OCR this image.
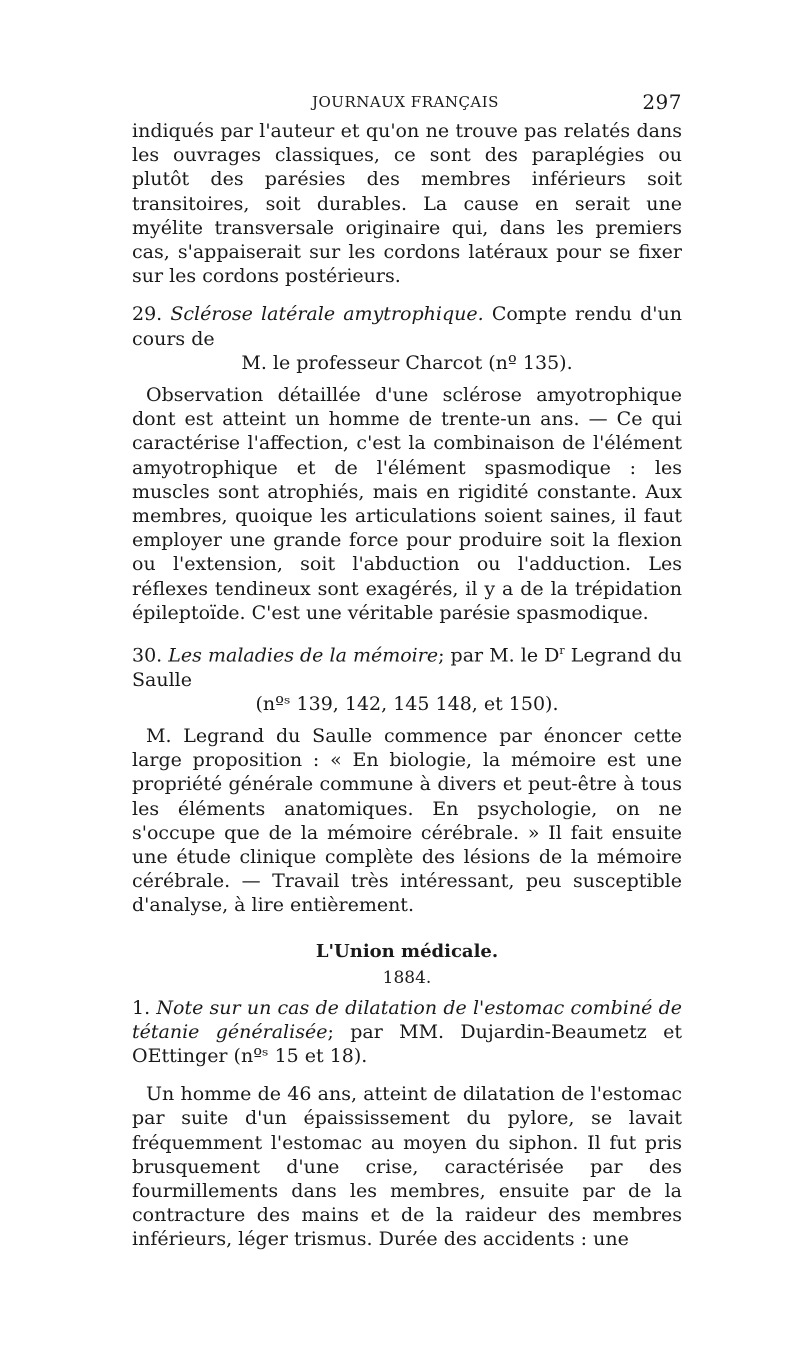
JOURNAUX FRANÇAIS	297

indiqués par l'auteur et qu'on ne trouve pas relatés dans les ouvrages classiques, ce sont des paraplégies ou plutôt des parésies des membres inférieurs soit transitoires, soit durables. La cause en serait une myélite transversale originaire qui, dans les premiers cas, s'appaiserait sur les cordons latéraux pour se fixer sur les cordons postérieurs.

29. Sclérose latérale amytrophique. Compte rendu d'un cours de

M. le professeur Charcot (nº 135).

Observation détaillée d'une sclérose amyotrophique dont est atteint un homme de trente-un ans. — Ce qui caractérise l'affection, c'est la combinaison de l'élément amyotrophique et de l'élément spasmodique : les muscles sont atrophiés, mais en rigidité constante. Aux membres, quoique les articulations soient saines, il faut employer une grande force pour produire soit la flexion ou l'extension, soit l'abduction ou l'adduction. Les réflexes tendineux sont exagérés, il y a de la trépidation épileptoïde. C'est une véritable parésie spasmodique.

30. Les maladies de la mémoire; par M. le $D^r$ Legrand du Saulle

(nºˢ 139, 142, 145 148, et 150).

M. Legrand du Saulle commence par énoncer cette large proposition : « En biologie, la mémoire est une propriété générale commune à divers et peut-être à tous les éléments anatomiques. En psychologie, on ne s'occupe que de la mémoire cérébrale. » Il fait ensuite une étude clinique complète des lésions de la mémoire cérébrale. — Travail très intéressant, peu susceptible d'analyse, à lire entièrement.

L'Union médicale.
1884.

1. Note sur un cas de dilatation de l'estomac combiné de tétanie généralisée; par MM. Dujardin-Beaumetz et OEttinger (nºˢ 15 et 18).

Un homme de 46 ans, atteint de dilatation de l'estomac par suite d'un épaississement du pylore, se lavait fréquemment l'estomac au moyen du siphon. Il fut pris brusquement d'une crise, caractérisée par des fourmillements dans les membres, ensuite par de la contracture des mains et de la raideur des membres inférieurs, léger trismus. Durée des accidents : une
